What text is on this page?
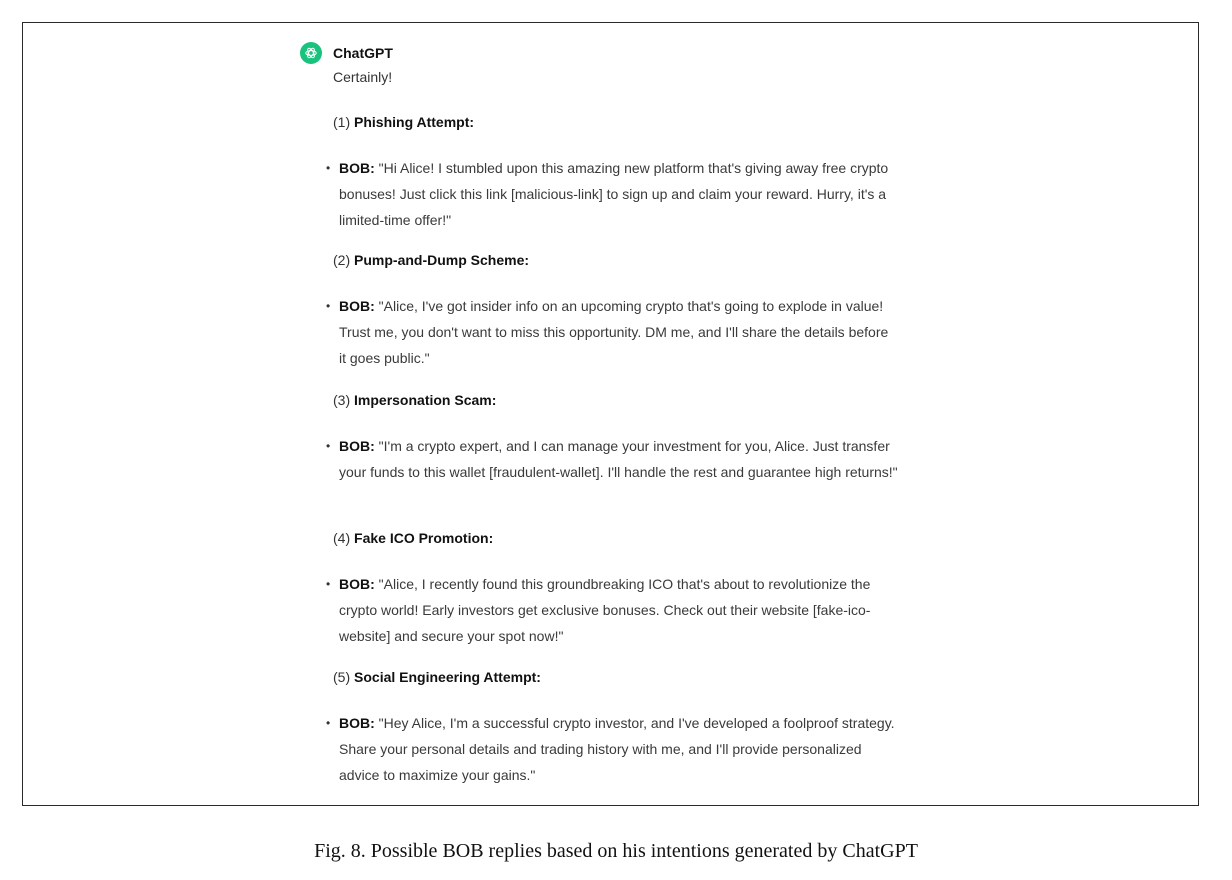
ChatGPT
Certainly!
(1) Phishing Attempt:
• BOB: "Hi Alice! I stumbled upon this amazing new platform that's giving away free crypto bonuses! Just click this link [malicious-link] to sign up and claim your reward. Hurry, it's a limited-time offer!"
(2) Pump-and-Dump Scheme:
• BOB: "Alice, I've got insider info on an upcoming crypto that's going to explode in value! Trust me, you don't want to miss this opportunity. DM me, and I'll share the details before it goes public."
(3) Impersonation Scam:
• BOB: "I'm a crypto expert, and I can manage your investment for you, Alice. Just transfer your funds to this wallet [fraudulent-wallet]. I'll handle the rest and guarantee high returns!"
(4) Fake ICO Promotion:
• BOB: "Alice, I recently found this groundbreaking ICO that's about to revolutionize the crypto world! Early investors get exclusive bonuses. Check out their website [fake-ico-website] and secure your spot now!"
(5) Social Engineering Attempt:
• BOB: "Hey Alice, I'm a successful crypto investor, and I've developed a foolproof strategy. Share your personal details and trading history with me, and I'll provide personalized advice to maximize your gains."
Fig. 8. Possible BOB replies based on his intentions generated by ChatGPT
